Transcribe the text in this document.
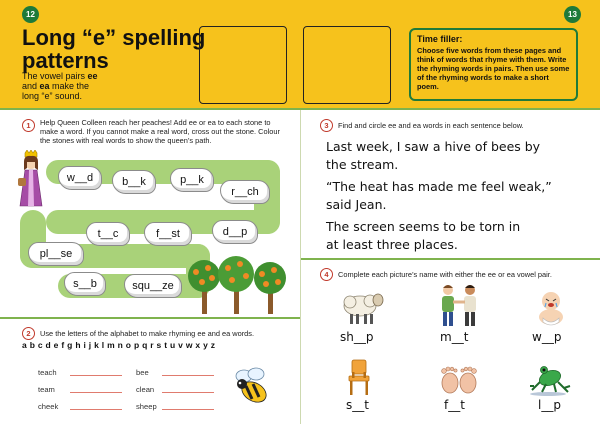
12	13
Long “e” spelling
patterns
The vowel pairs ee
and ea make the
long “e” sound.
Time filler:
Choose five words from these pages and think of words that rhyme with them. Write the rhyming words in pairs. Then use some of the rhyming words to make a short poem.
1	Help Queen Colleen reach her peaches! Add ee or ea to each stone to make a word. If you cannot make a real word, cross out the stone. Colour the stones with real words to show the queen’s path.
w__d	b__k	p__k
r__ch
t__c	f__st	d__p
pl__se
s__b	squ__ze
2	Use the letters of the alphabet to make rhyming ee and ea words.
a b c d e f g h i j k l m n o p q r s t u v w x y z
teach
team
cheek
bee
clean
sheep
3	Find and circle ee and ea words in each sentence below.
Last week, I saw a hive of bees by
the stream.
“The heat has made me feel weak,”
said Jean.
The screen seems to be torn in
at least three places.
4	Complete each picture’s name with either the ee or ea vowel pair.
sh__p	m__t	w__p
s__t	f__t	l__p
